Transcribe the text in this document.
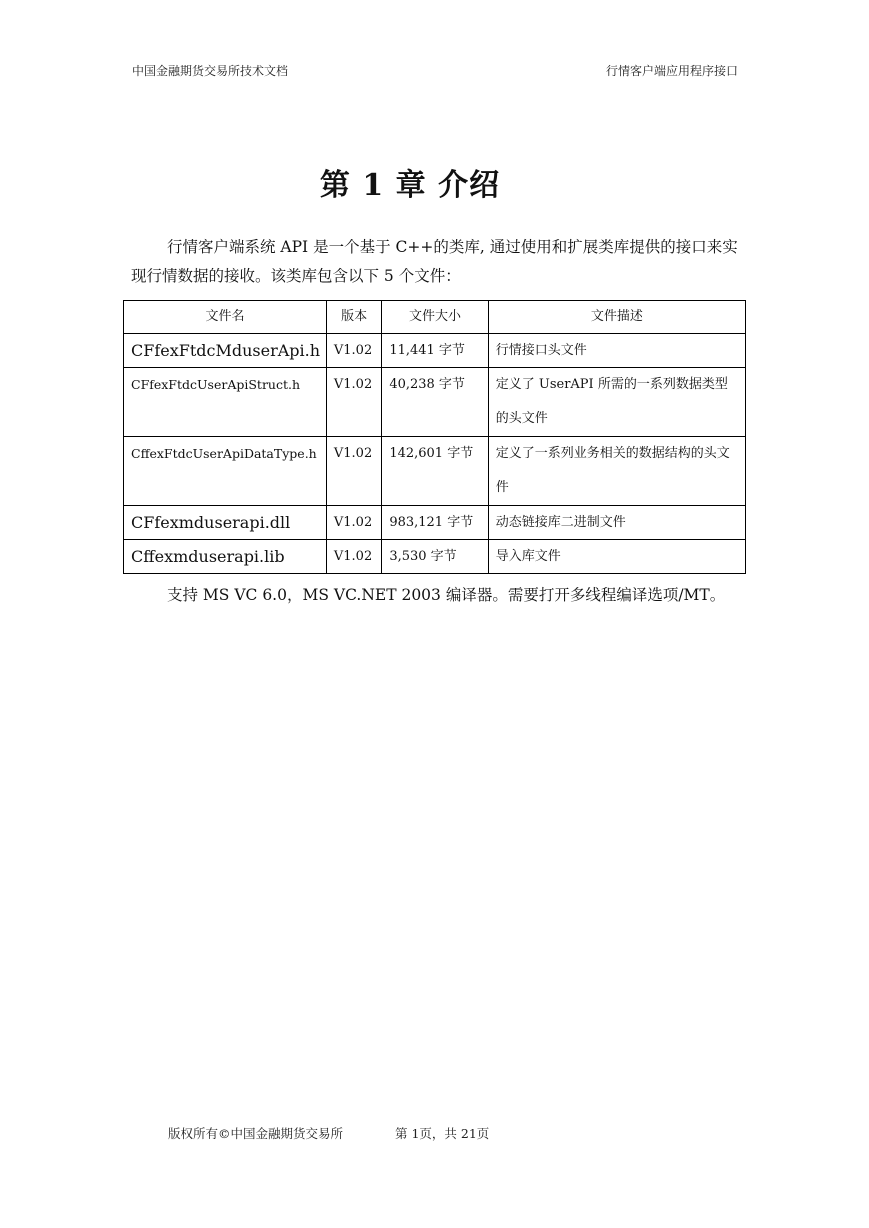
中国金融期货交易所技术文档	行情客户端应用程序接口
第 1 章 介绍
行情客户端系统 API 是一个基于 C++的类库, 通过使用和扩展类库提供的接口来实现行情数据的接收。该类库包含以下 5 个文件：
文件名	版本	文件大小	文件描述
CFfexFtdcMduserApi.h	V1.02	11,441 字节	行情接口头文件
CFfexFtdcUserApiStruct.h	V1.02	40,238 字节	定义了 UserAPI 所需的一系列数据类型的头文件
CffexFtdcUserApiDataType.h	V1.02	142,601 字节	定义了一系列业务相关的数据结构的头文件
CFfexmduserapi.dll	V1.02	983,121 字节	动态链接库二进制文件
Cffexmduserapi.lib	V1.02	3,530 字节	导入库文件
支持 MS VC 6.0，MS VC.NET 2003 编译器。需要打开多线程编译选项/MT。
版权所有©中国金融期货交易所	第 1页，共 21页
